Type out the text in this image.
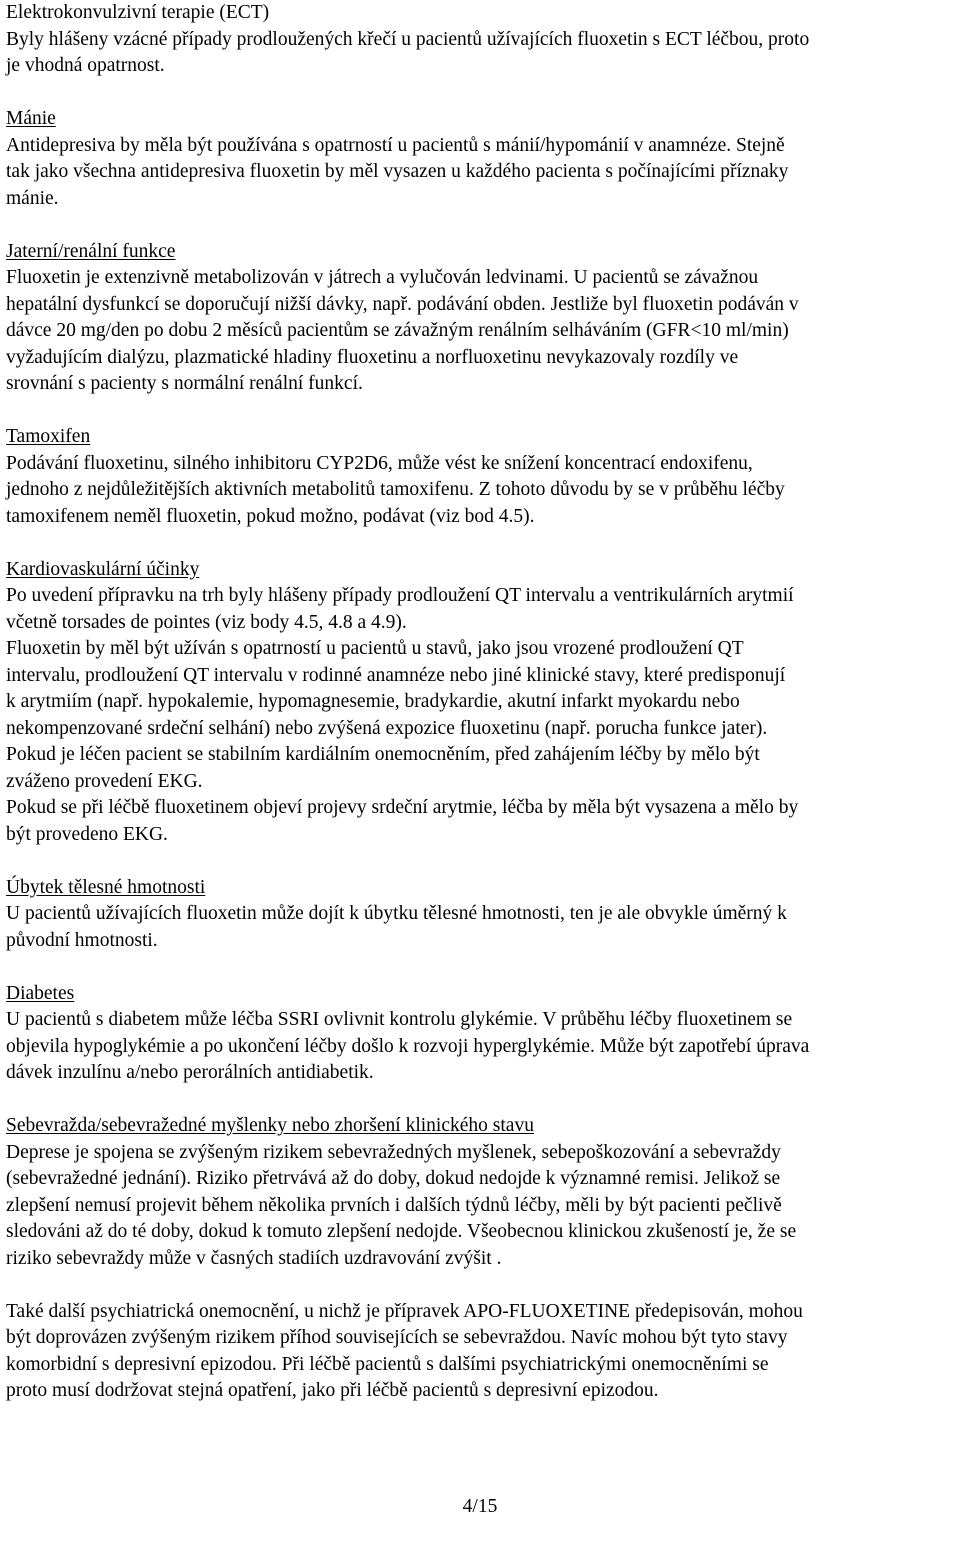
Elektrokonvulzivní terapie (ECT)
Byly hlášeny vzácné případy prodloužených křečí u pacientů užívajících fluoxetin s ECT léčbou, proto
je vhodná opatrnost.
Mánie
Antidepresiva by měla být používána s opatrností u pacientů s mánií/hypománií v anamnéze. Stejně
tak jako všechna antidepresiva fluoxetin by měl vysazen u každého pacienta s počínajícími příznaky
mánie.
Jaterní/renální funkce
Fluoxetin je extenzivně metabolizován v játrech a vylučován ledvinami. U pacientů se závažnou
hepatální dysfunkcí se doporučují nižší dávky, např. podávání obden. Jestliže byl fluoxetin podáván v
dávce 20 mg/den po dobu 2 měsíců pacientům se závažným renálním selháváním (GFR<10 ml/min)
vyžadujícím dialýzu, plazmatické hladiny fluoxetinu a norfluoxetinu nevykazovaly rozdíly ve
srovnání s pacienty s normální renální funkcí.
Tamoxifen
Podávání fluoxetinu, silného inhibitoru CYP2D6, může vést ke snížení koncentrací endoxifenu,
jednoho z nejdůležitějších aktivních metabolitů tamoxifenu. Z tohoto důvodu by se v průběhu léčby
tamoxifenem neměl fluoxetin, pokud možno, podávat (viz bod 4.5).
Kardiovaskulární účinky
Po uvedení přípravku na trh byly hlášeny případy prodloužení QT intervalu a ventrikulárních arytmií
včetně torsades de pointes (viz body 4.5, 4.8 a 4.9).
Fluoxetin by měl být užíván s opatrností u pacientů u stavů, jako jsou vrozené prodloužení QT
intervalu, prodloužení QT intervalu v rodinné anamnéze nebo jiné klinické stavy, které predisponují
k arytmiím (např. hypokalemie, hypomagnesemie, bradykardie, akutní infarkt myokardu nebo
nekompenzované srdeční selhání) nebo zvýšená expozice fluoxetinu (např. porucha funkce jater).
Pokud je léčen pacient se stabilním kardiálním onemocněním, před zahájením léčby by mělo být
zváženo provedení EKG.
Pokud se při léčbě fluoxetinem objeví projevy srdeční arytmie, léčba by měla být vysazena a mělo by
být provedeno EKG.
Úbytek tělesné hmotnosti
U pacientů užívajících fluoxetin může dojít k úbytku tělesné hmotnosti, ten je ale obvykle úměrný k
původní hmotnosti.
Diabetes
U pacientů s diabetem může léčba SSRI ovlivnit kontrolu glykémie. V průběhu léčby fluoxetinem se
objevila hypoglykémie a po ukončení léčby došlo k rozvoji hyperglykémie. Může být zapotřebí úprava
dávek inzulínu a/nebo perorálních antidiabetik.
Sebevražda/sebevražedné myšlenky nebo zhoršení klinického stavu
Deprese je spojena se zvýšeným rizikem sebevražedných myšlenek, sebepoškozování a sebevraždy
(sebevražedné jednání). Riziko přetrvává až do doby, dokud nedojde k významné remisi. Jelikož se
zlepšení nemusí projevit během několika prvních i dalších týdnů léčby, měli by být pacienti pečlivě
sledováni až do té doby, dokud k tomuto zlepšení nedojde. Všeobecnou klinickou zkušeností je, že se
riziko sebevraždy může v časných stadiích uzdravování zvýšit .
Také další psychiatrická onemocnění, u nichž je přípravek APO-FLUOXETINE předepisován, mohou
být doprovázen zvýšeným rizikem příhod souvisejících se sebevraždou. Navíc mohou být tyto stavy
komorbidní s depresivní epizodou. Při léčbě pacientů s dalšími psychiatrickými onemocněními se
proto musí dodržovat stejná opatření, jako při léčbě pacientů s depresivní epizodou.
4/15
